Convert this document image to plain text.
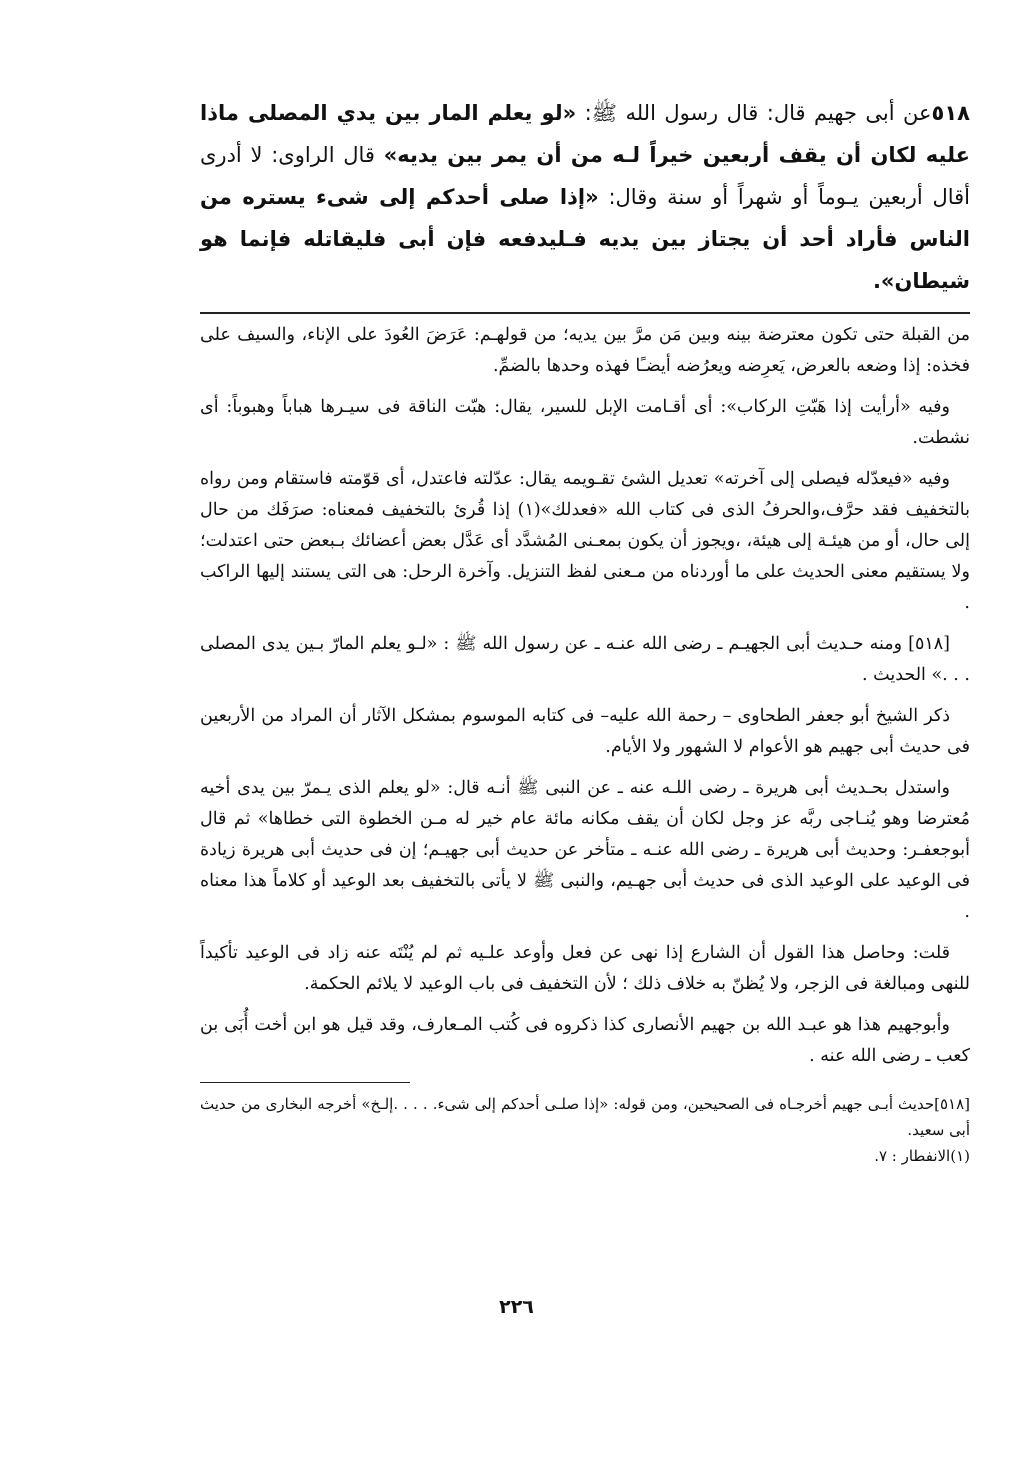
٥١٨عن أبى جهيم قال: قال رسول الله ﷺ: «لو يعلم المار بين يدي المصلى ماذا عليه لكان أن يقف أربعين خيراً لـه من أن يمر بين يديه» قال الراوى: لا أدرى أقال أربعين يـوماً أو شهراً أو سنة وقال: «إذا صلى أحدكم إلى شىء يستره من الناس فأراد أحد أن يجتاز بين يديه فـليدفعه فإن أبى فليقاتله فإنما هو شيطان».

من القبلة حتى تكون معترضة بينه وبين مَن مرَّ بين يديه؛ من قولهـم: عَرَضَ العُودَ على الإناء، والسيف على فخذه: إذا وضعه بالعرض، يَعرِضه ويعرُضه أيضـًا فهذه وحدها بالضمِّ.

وفيه «أرأيت إذا هَبّتِ الركاب»: أى أقـامت الإبل للسير، يقال: هبّت الناقة فى سيـرها هباباً وهبوباً: أى نشطت.

وفيه «فيعدّله فيصلى إلى آخرته» تعديل الشئ تقـويمه يقال: عدّلته فاعتدل، أى قوّمته فاستقام ومن رواه بالتخفيف فقد حرَّف،والحرفُ الذى فى كتاب الله «فعدلك»(١) إذا قُرئ بالتخفيف فمعناه: صرَفَك من حال إلى حال، أو من هيئـة إلى هيئة، ،ويجوز أن يكون بمعـنى المُشدَّد أى عَدَّل بعض أعضائك بـبعض حتى اعتدلت؛ ولا يستقيم معنى الحديث على ما أوردناه من مـعنى لفظ التنزيل. وآخرة الرحل: هى التى يستند إليها الراكب .

[٥١٨] ومنه حـديث أبى الجهيـم ـ رضى الله عنـه ـ عن رسول الله ﷺ : «لـو يعلم المارّ بـين يدى المصلى . . .» الحديث .

ذكر الشيخ أبو جعفر الطحاوى – رحمة الله عليه– فى كتابه الموسوم بمشكل الآثار أن المراد من الأربعين فى حديث أبى جهيم هو الأعوام لا الشهور ولا الأيام.

واستدل بحـديث أبى هريرة ـ رضى اللـه عنه ـ عن النبى ﷺ أنـه قال: «لو يعلم الذى يـمرّ بين يدى أخيه مُعترضا وهو يُنـاجى ربَّه عز وجل لكان أن يقف مكانه مائة عام خير له مـن الخطوة التى خطاها» ثم قال أبوجعفـر: وحديث أبى هريرة ـ رضى الله عنـه ـ متأخر عن حديث أبى جهيـم؛ إن فى حديث أبى هريرة زيادة فى الوعيد على الوعيد الذى فى حديث أبى جهـيم، والنبى ﷺ لا يأتى بالتخفيف بعد الوعيد أو كلاماً هذا معناه .

قلت: وحاصل هذا القول أن الشارع إذا نهى عن فعل وأوعد علـيه ثم لم يُنْتَه عنه زاد فى الوعيد تأكيداً للنهى ومبالغة فى الزجر، ولا يُظنّ به خلاف ذلك ؛ لأن التخفيف فى باب الوعيد لا يلائم الحكمة.

وأبوجهيم هذا هو عبـد الله بن جهيم الأنصارى كذا ذكروه فى كُتب المـعارف، وقد قيل هو ابن أخت أُبَى بن كعب ـ رضى الله عنه .

[٥١٨]حديث أبـى جهيم أخرجـاه فى الصحيحين، ومن قوله: «إذا صلـى أحدكم إلى شىء. . . . .إلـخ» أخرجه البخارى من حديث أبى سعيد.

(١)الانفطار : ٧.

٢٢٦
